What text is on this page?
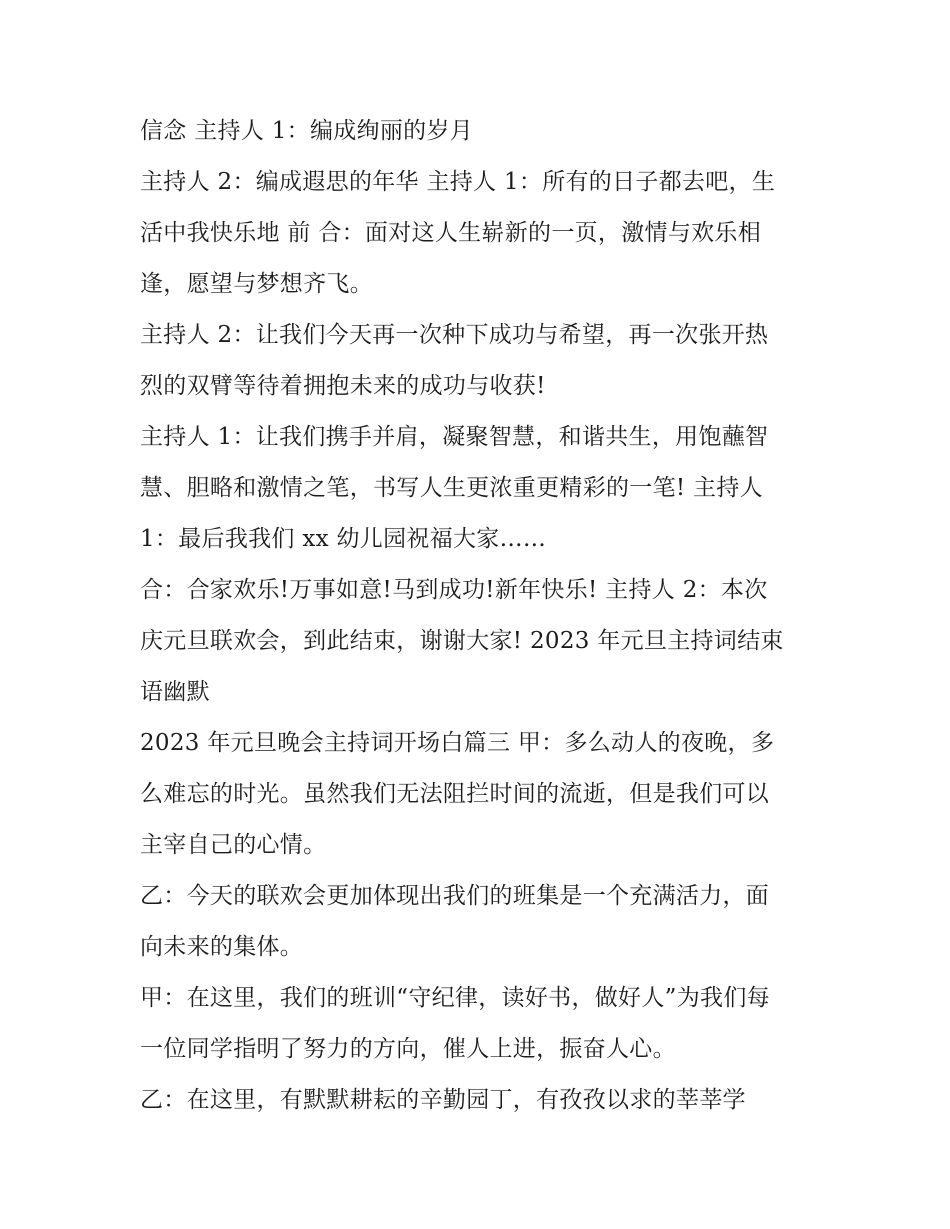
信念 主持人 1：编成绚丽的岁月

主持人 2：编成遐思的年华 主持人 1：所有的日子都去吧，生
活中我快乐地 前 合：面对这人生崭新的一页，激情与欢乐相
逢，愿望与梦想齐飞。

主持人 2：让我们今天再一次种下成功与希望，再一次张开热
烈的双臂等待着拥抱未来的成功与收获!

主持人 1：让我们携手并肩，凝聚智慧，和谐共生，用饱蘸智
慧、胆略和激情之笔，书写人生更浓重更精彩的一笔! 主持人
1：最后我我们 xx 幼儿园祝福大家……

合：合家欢乐!万事如意!马到成功!新年快乐! 主持人 2：本次
庆元旦联欢会，到此结束，谢谢大家! 2023 年元旦主持词结束
语幽默

2023 年元旦晚会主持词开场白篇三 甲：多么动人的夜晚，多
么难忘的时光。虽然我们无法阻拦时间的流逝，但是我们可以
主宰自己的心情。

乙：今天的联欢会更加体现出我们的班集是一个充满活力，面
向未来的集体。

甲：在这里，我们的班训“守纪律，读好书，做好人”为我们每
一位同学指明了努力的方向，催人上进，振奋人心。

乙：在这里，有默默耕耘的辛勤园丁，有孜孜以求的莘莘学
